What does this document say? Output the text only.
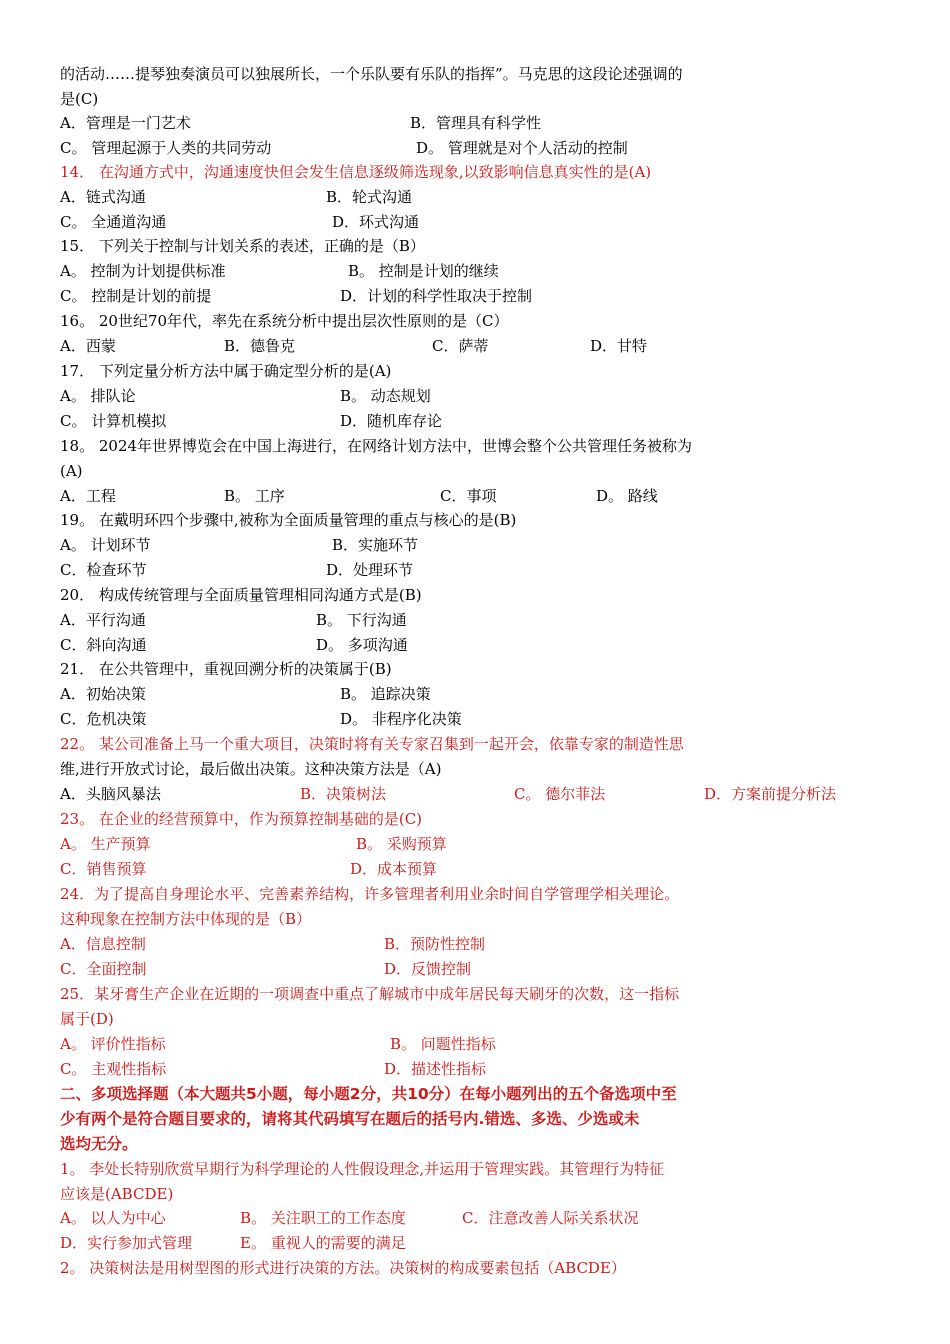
的活动……提琴独奏演员可以独展所长，一个乐队要有乐队的指挥”。马克思的这段论述强调的
是(C)
A．管理是一门艺术	B．管理具有科学性
C。 管理起源于人类的共同劳动	D。 管理就是对个人活动的控制
14． 在沟通方式中，沟通速度快但会发生信息逐级筛选现象,以致影响信息真实性的是(A)
A．链式沟通	B．轮式沟通
C。 全通道沟通	D．环式沟通
15． 下列关于控制与计划关系的表述，正确的是（B）
A。 控制为计划提供标准	B。 控制是计划的继续
C。 控制是计划的前提	D．计划的科学性取决于控制
16。 20世纪70年代，率先在系统分析中提出层次性原则的是（C）
A．西蒙	B．德鲁克	C．萨蒂	D．甘特
17． 下列定量分析方法中属于确定型分析的是(A)
A。 排队论	B。 动态规划
C。 计算机模拟	D．随机库存论
18。 2024年世界博览会在中国上海进行，在网络计划方法中，世博会整个公共管理任务被称为
(A)
A．工程	B。 工序	C．事项	D。 路线
19。 在戴明环四个步骤中,被称为全面质量管理的重点与核心的是(B)
A。 计划环节	B．实施环节
C．检查环节	D．处理环节
20． 构成传统管理与全面质量管理相同沟通方式是(B)
A．平行沟通	B。 下行沟通
C．斜向沟通	D。 多项沟通
21． 在公共管理中，重视回溯分析的决策属于(B)
A．初始决策	B。 追踪决策
C．危机决策	D。 非程序化决策
22。 某公司准备上马一个重大项目，决策时将有关专家召集到一起开会，依靠专家的制造性思
维,进行开放式讨论，最后做出决策。这种决策方法是（A)
A．头脑风暴法	B．决策树法	C。 德尔菲法	D．方案前提分析法
23。 在企业的经营预算中，作为预算控制基础的是(C)
A。 生产预算	B。 采购预算
C．销售预算	D．成本预算
24．为了提高自身理论水平、完善素养结构，许多管理者利用业余时间自学管理学相关理论。
这种现象在控制方法中体现的是（B）
A．信息控制	B．预防性控制
C．全面控制	D．反馈控制
25．某牙膏生产企业在近期的一项调查中重点了解城市中成年居民每天刷牙的次数，这一指标
属于(D)
A。 评价性指标	B。 问题性指标
C。 主观性指标	D．描述性指标
二、多项选择题（本大题共5小题，每小题2分，共10分）在每小题列出的五个备选项中至
少有两个是符合题目要求的，请将其代码填写在题后的括号内.错选、多选、少选或未
选均无分。
1。 李处长特别欣赏早期行为科学理论的人性假设理念,并运用于管理实践。其管理行为特征
应该是(ABCDE)
A。 以人为中心	B。 关注职工的工作态度	C．注意改善人际关系状况
D．实行参加式管理	E。 重视人的需要的满足
2。 决策树法是用树型图的形式进行决策的方法。决策树的构成要素包括（ABCDE）
